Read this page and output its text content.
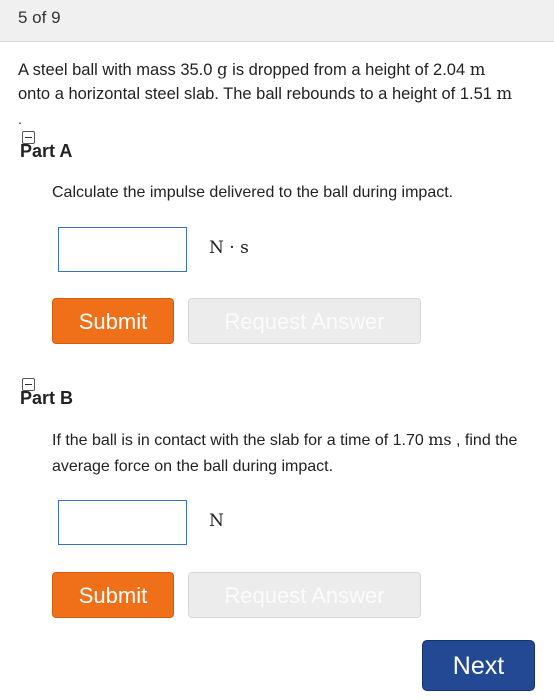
5 of 9
A steel ball with mass 35.0 g is dropped from a height of 2.04 m
onto a horizontal steel slab. The ball rebounds to a height of 1.51 m
.
Part A
Calculate the impulse delivered to the ball during impact.
N · s
Submit	Request Answer
Part B
If the ball is in contact with the slab for a time of 1.70 ms , find the average force on the ball during impact.
N
Submit	Request Answer
Next
